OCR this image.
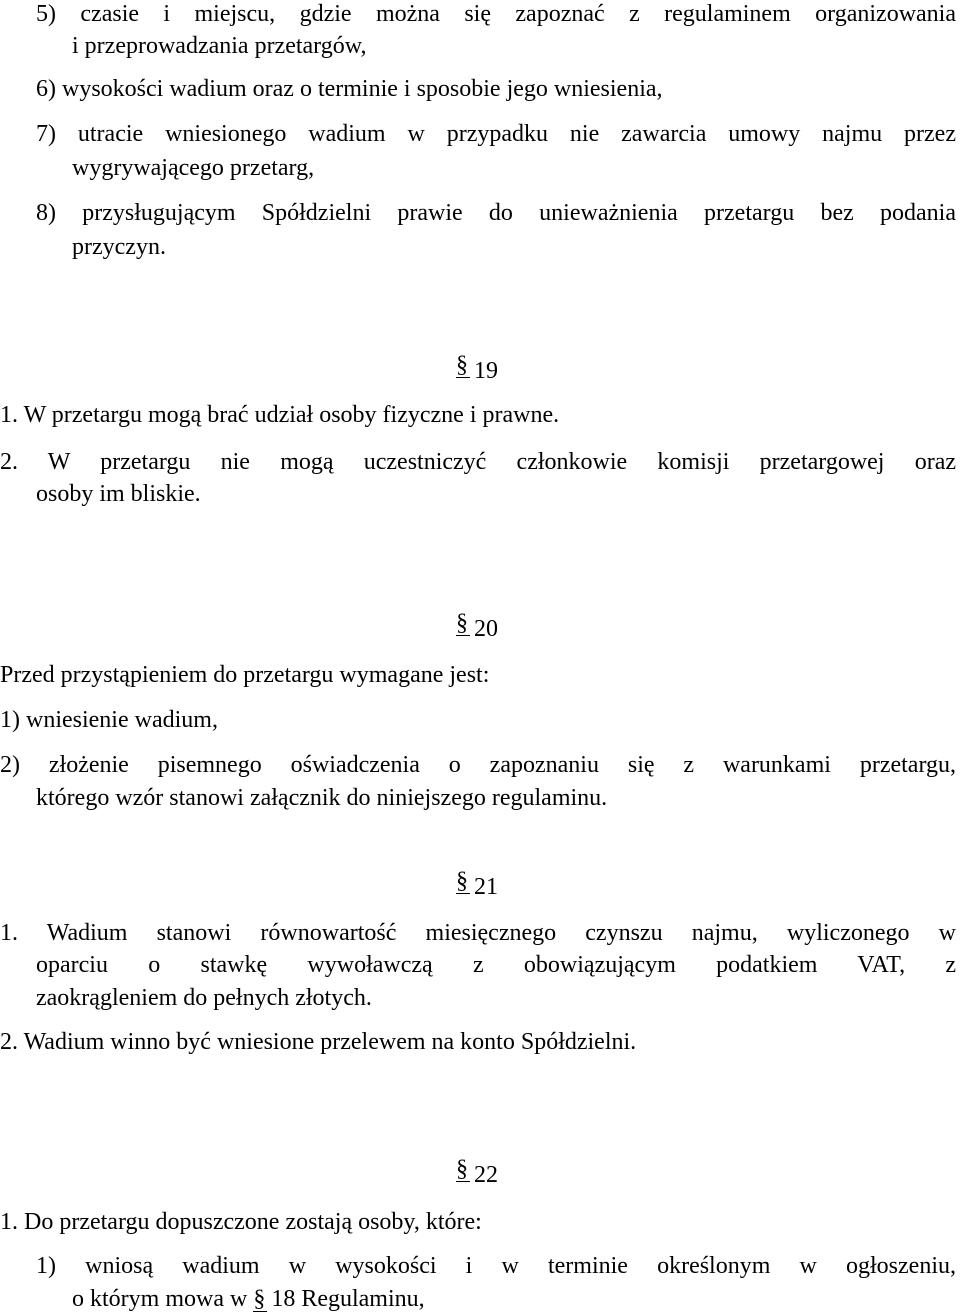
5) czasie i miejscu, gdzie można się zapoznać z regulaminem organizowania
i przeprowadzania przetargów,
6) wysokości wadium oraz o terminie i sposobie jego wniesienia,
7) utracie wniesionego wadium w przypadku nie zawarcia umowy najmu przez
wygrywającego przetarg,
8) przysługującym Spółdzielni prawie do unieważnienia przetargu bez podania
przyczyn.
§ 19
1. W przetargu mogą brać udział osoby fizyczne i prawne.
2. W przetargu nie mogą uczestniczyć członkowie komisji przetargowej oraz
osoby im bliskie.
§ 20
Przed przystąpieniem do przetargu wymagane jest:
1) wniesienie wadium,
2) złożenie pisemnego oświadczenia o zapoznaniu się z warunkami przetargu,
którego wzór stanowi załącznik do niniejszego regulaminu.
§ 21
1. Wadium stanowi równowartość miesięcznego czynszu najmu, wyliczonego w
oparciu o stawkę wywoławczą z obowiązującym podatkiem VAT, z
zaokrągleniem do pełnych złotych.
2. Wadium winno być wniesione przelewem na konto Spółdzielni.
§ 22
1. Do przetargu dopuszczone zostają osoby, które:
1) wniosą wadium w wysokości i w terminie określonym w ogłoszeniu,
o którym mowa w § 18 Regulaminu,
